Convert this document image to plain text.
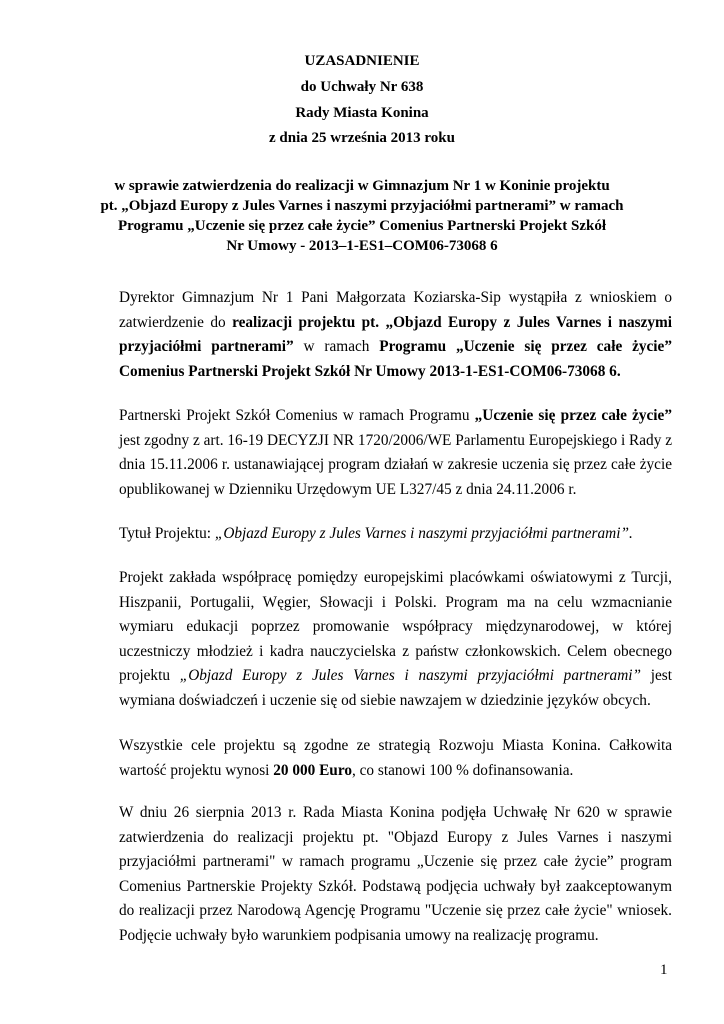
UZASADNIENIE
do Uchwały Nr 638
Rady Miasta Konina
z dnia 25 września 2013 roku
w sprawie zatwierdzenia do realizacji w Gimnazjum Nr 1 w Koninie projektu
pt. „Objazd Europy z Jules Varnes i naszymi przyjaciółmi partnerami” w ramach
Programu „Uczenie się przez całe życie” Comenius Partnerski Projekt Szkół
Nr Umowy - 2013–1-ES1–COM06-73068 6

Dyrektor Gimnazjum Nr 1 Pani Małgorzata Koziarska-Sip wystąpiła z wnioskiem o zatwierdzenie do realizacji projektu pt. „Objazd Europy z Jules Varnes i naszymi przyjaciółmi partnerami” w ramach Programu „Uczenie się przez całe życie” Comenius Partnerski Projekt Szkół Nr Umowy 2013-1-ES1-COM06-73068 6.

Partnerski Projekt Szkół Comenius w ramach Programu „Uczenie się przez całe życie” jest zgodny z art. 16-19 DECYZJI NR 1720/2006/WE Parlamentu Europejskiego i Rady z dnia 15.11.2006 r. ustanawiającej program działań w zakresie uczenia się przez całe życie opublikowanej w Dzienniku Urzędowym UE L327/45 z dnia 24.11.2006 r.

Tytuł Projektu: „Objazd Europy z Jules Varnes i naszymi przyjaciółmi partnerami”.

Projekt zakłada współpracę pomiędzy europejskimi placówkami oświatowymi z Turcji, Hiszpanii, Portugalii, Węgier, Słowacji i Polski. Program ma na celu wzmacnianie wymiaru edukacji poprzez promowanie współpracy międzynarodowej, w której uczestniczy młodzież i kadra nauczycielska z państw członkowskich. Celem obecnego projektu „Objazd Europy z Jules Varnes i naszymi przyjaciółmi partnerami” jest wymiana doświadczeń i uczenie się od siebie nawzajem w dziedzinie języków obcych.

Wszystkie cele projektu są zgodne ze strategią Rozwoju Miasta Konina. Całkowita wartość projektu wynosi 20 000 Euro, co stanowi 100 % dofinansowania.

W dniu 26 sierpnia 2013 r. Rada Miasta Konina podjęła Uchwałę Nr 620 w sprawie zatwierdzenia do realizacji projektu pt. "Objazd Europy z Jules Varnes i naszymi przyjaciółmi partnerami" w ramach programu „Uczenie się przez całe życie” program Comenius Partnerskie Projekty Szkół. Podstawą podjęcia uchwały był zaakceptowanym do realizacji przez Narodową Agencję Programu "Uczenie się przez całe życie" wniosek. Podjęcie uchwały było warunkiem podpisania umowy na realizację programu.

1
